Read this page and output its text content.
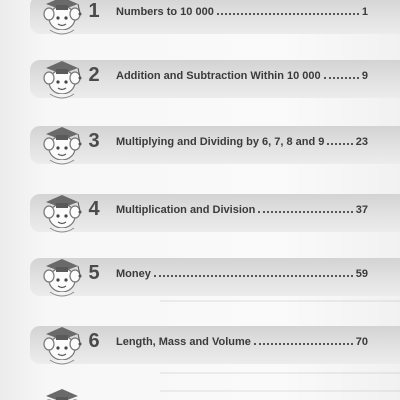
1 Numbers to 10 000	1
2 Addition and Subtraction Within 10 000	9
3 Multiplying and Dividing by 6, 7, 8 and 9	23
4 Multiplication and Division	37
5 Money	59
6 Length, Mass and Volume	70
